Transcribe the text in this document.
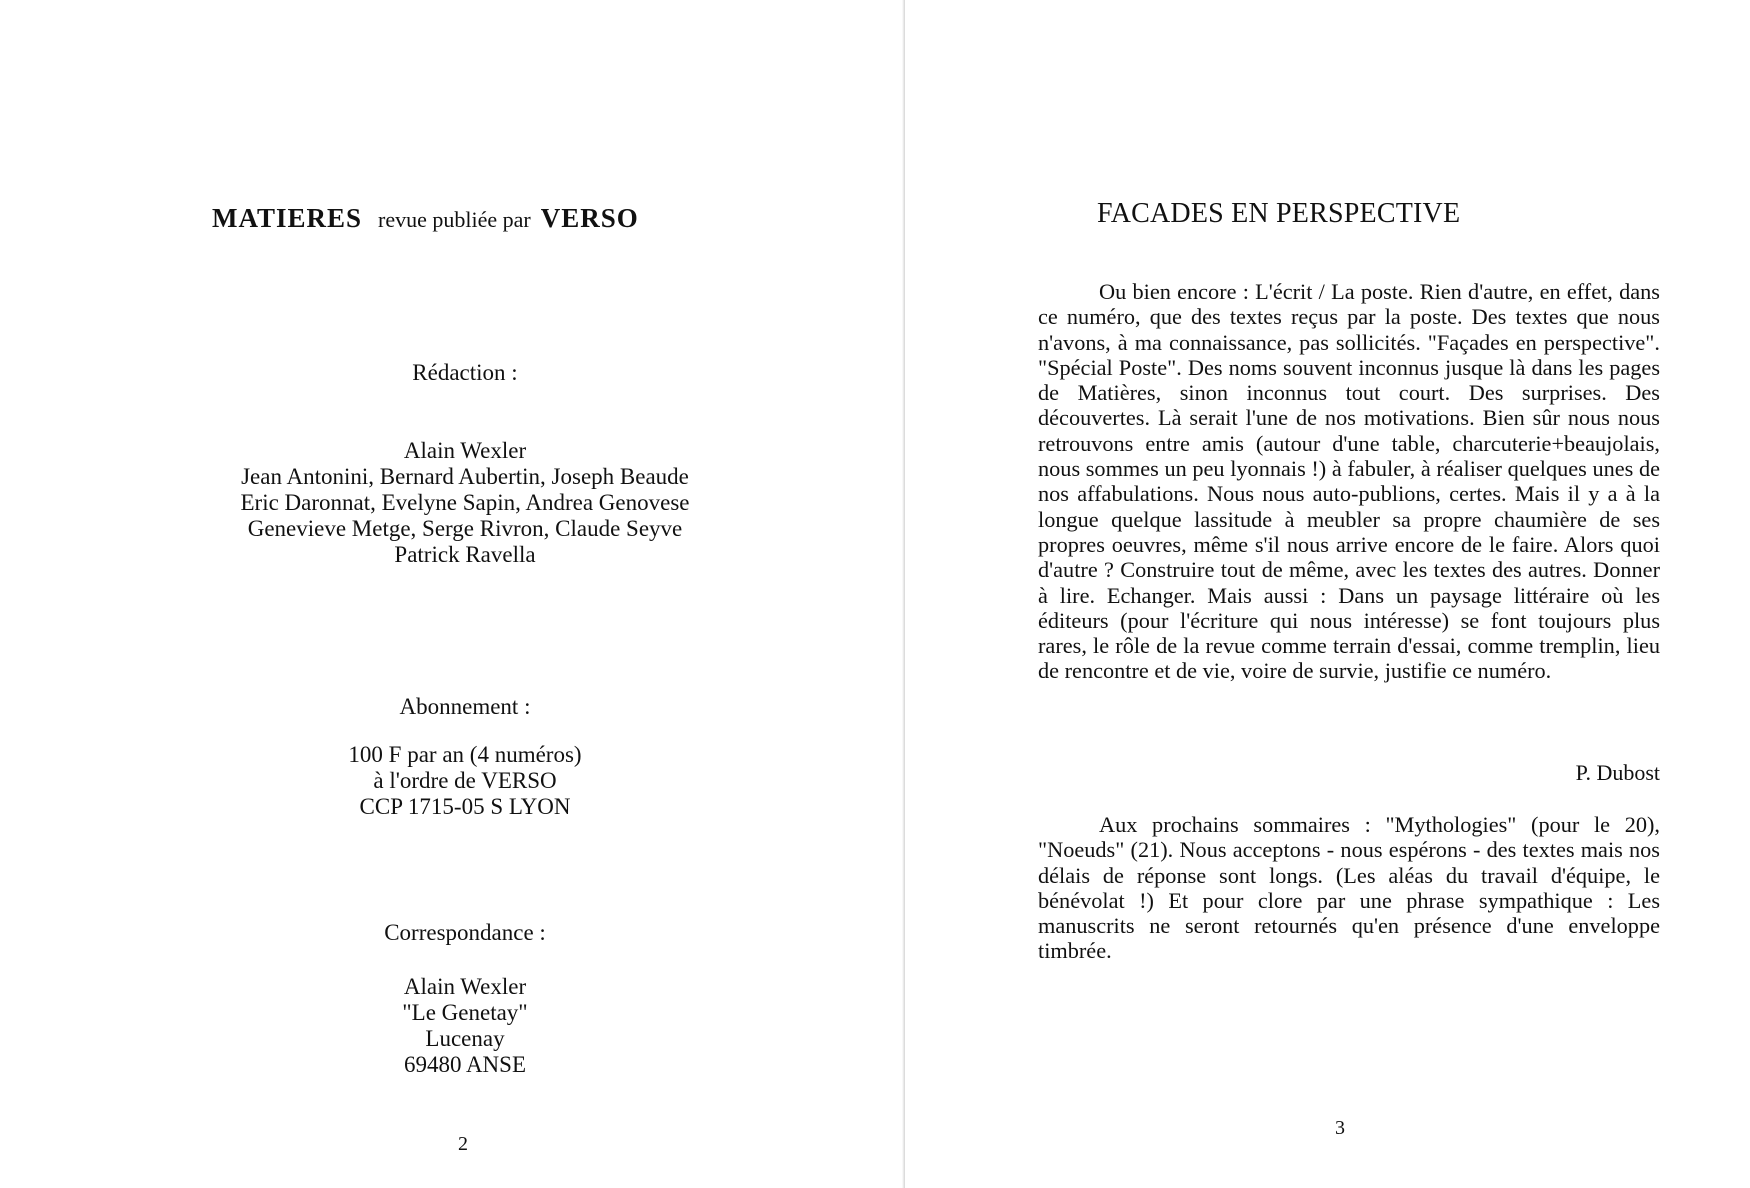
MATIERES revue publiée par VERSO
Rédaction :
Alain Wexler
Jean Antonini, Bernard Aubertin, Joseph Beaude
Eric Daronnat, Evelyne Sapin, Andrea Genovese
Genevieve Metge, Serge Rivron, Claude Seyve
Patrick Ravella
Abonnement :
100 F par an (4 numéros)
à l'ordre de VERSO
CCP 1715-05 S LYON
Correspondance :
Alain Wexler
"Le Genetay"
Lucenay
69480 ANSE
2
FACADES EN PERSPECTIVE

Ou bien encore : L'écrit / La poste. Rien d'autre, en effet, dans ce numéro, que des textes reçus par la poste. Des textes que nous n'avons, à ma connaissance, pas sollicités. "Façades en perspective". "Spécial Poste". Des noms souvent inconnus jusque là dans les pages de Matières, sinon inconnus tout court. Des surprises. Des découvertes. Là serait l'une de nos motivations. Bien sûr nous nous retrouvons entre amis (autour d'une table, charcuterie+beaujolais, nous sommes un peu lyonnais !) à fabuler, à réaliser quelques unes de nos affabulations. Nous nous auto-publions, certes. Mais il y a à la longue quelque lassitude à meubler sa propre chaumière de ses propres oeuvres, même s'il nous arrive encore de le faire. Alors quoi d'autre ? Construire tout de même, avec les textes des autres. Donner à lire. Echanger. Mais aussi : Dans un paysage littéraire où les éditeurs (pour l'écriture qui nous intéresse) se font toujours plus rares, le rôle de la revue comme terrain d'essai, comme tremplin, lieu de rencontre et de vie, voire de survie, justifie ce numéro.

P. Dubost

Aux prochains sommaires : "Mythologies" (pour le 20), "Noeuds" (21). Nous acceptons - nous espérons - des textes mais nos délais de réponse sont longs. (Les aléas du travail d'équipe, le bénévolat !) Et pour clore par une phrase sympathique : Les manuscrits ne seront retournés qu'en présence d'une enveloppe timbrée.

3
